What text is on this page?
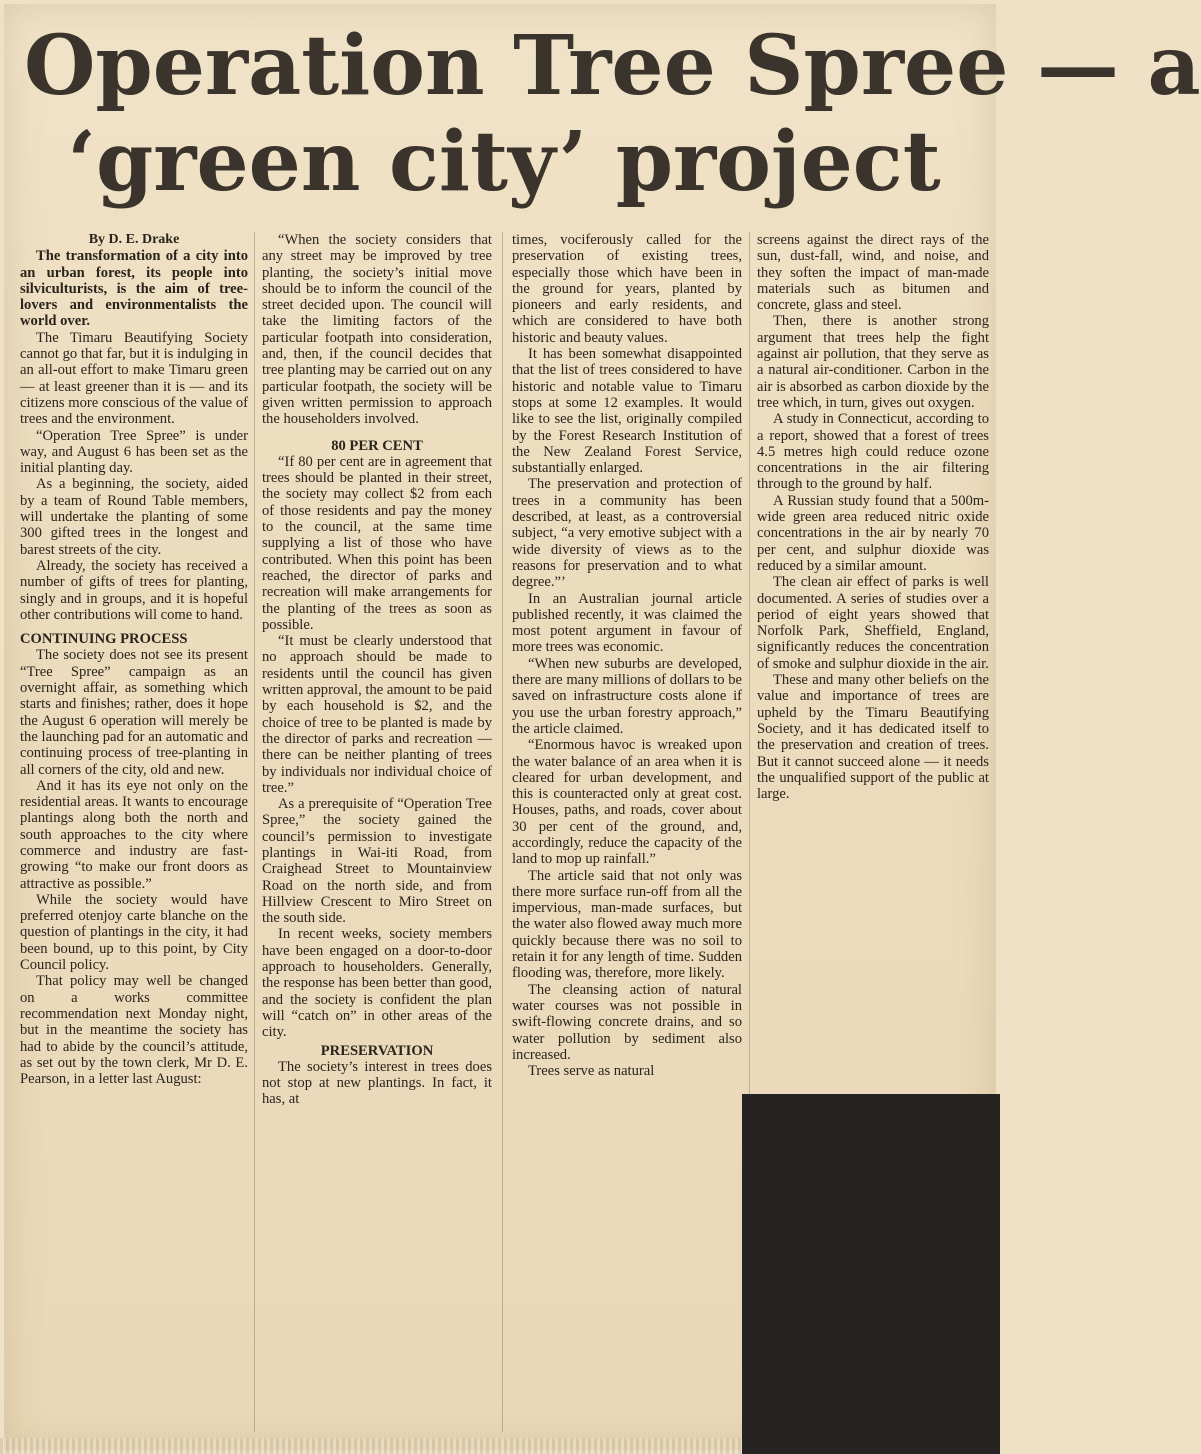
Operation Tree Spree — a
‘green city’ project

By D. E. Drake

The transformation of a city into an urban forest, its people into silviculturists, is the aim of tree-lovers and environmentalists the world over.

The Timaru Beautifying Society cannot go that far, but it is indulging in an all-out effort to make Timaru green — at least greener than it is — and its citizens more conscious of the value of trees and the environment.

“Operation Tree Spree” is under way, and August 6 has been set as the initial planting day.

As a beginning, the society, aided by a team of Round Table members, will undertake the planting of some 300 gifted trees in the longest and barest streets of the city.

Already, the society has received a number of gifts of trees for planting, singly and in groups, and it is hopeful other contributions will come to hand.

CONTINUING PROCESS

The society does not see its present “Tree Spree” campaign as an overnight affair, as something which starts and finishes; rather, does it hope the August 6 operation will merely be the launching pad for an automatic and continuing process of tree-planting in all corners of the city, old and new.

And it has its eye not only on the residential areas. It wants to encourage plantings along both the north and south approaches to the city where commerce and industry are fast-growing “to make our front doors as attractive as possible.”

While the society would have preferred otenjoy carte blanche on the question of plantings in the city, it had been bound, up to this point, by City Council policy.

That policy may well be changed on a works committee recommendation next Monday night, but in the meantime the society has had to abide by the council’s attitude, as set out by the town clerk, Mr D. E. Pearson, in a letter last August:

“When the society considers that any street may be improved by tree planting, the society’s initial move should be to inform the council of the street decided upon. The council will take the limiting factors of the particular footpath into consideration, and, then, if the council decides that tree planting may be carried out on any particular footpath, the society will be given written permission to approach the householders involved.

80 PER CENT

“If 80 per cent are in agreement that trees should be planted in their street, the society may collect $2 from each of those residents and pay the money to the council, at the same time supplying a list of those who have contributed. When this point has been reached, the director of parks and recreation will make arrangements for the planting of the trees as soon as possible.

“It must be clearly understood that no approach should be made to residents until the council has given written approval, the amount to be paid by each household is $2, and the choice of tree to be planted is made by the director of parks and recreation — there can be neither planting of trees by individuals nor individual choice of tree.”

As a prerequisite of “Operation Tree Spree,” the society gained the council’s permission to investigate plantings in Wai-iti Road, from Craighead Street to Mountainview Road on the north side, and from Hillview Crescent to Miro Street on the south side.

In recent weeks, society members have been engaged on a door-to-door approach to householders. Generally, the response has been better than good, and the society is confident the plan will “catch on” in other areas of the city.

PRESERVATION

The society’s interest in trees does not stop at new plantings. In fact, it has, at

times, vociferously called for the preservation of existing trees, especially those which have been in the ground for years, planted by pioneers and early residents, and which are considered to have both historic and beauty values.

It has been somewhat disappointed that the list of trees considered to have historic and notable value to Timaru stops at some 12 examples. It would like to see the list, originally compiled by the Forest Research Institution of the New Zealand Forest Service, substantially enlarged.

The preservation and protection of trees in a community has been described, at least, as a controversial subject, “a very emotive subject with a wide diversity of views as to the reasons for preservation and to what degree.”’

In an Australian journal article published recently, it was claimed the most potent argument in favour of more trees was economic.

“When new suburbs are developed, there are many millions of dollars to be saved on infrastructure costs alone if you use the urban forestry approach,” the article claimed.

“Enormous havoc is wreaked upon the water balance of an area when it is cleared for urban development, and this is counteracted only at great cost. Houses, paths, and roads, cover about 30 per cent of the ground, and, accordingly, reduce the capacity of the land to mop up rainfall.”

The article said that not only was there more surface run-off from all the impervious, man-made surfaces, but the water also flowed away much more quickly because there was no soil to retain it for any length of time. Sudden flooding was, therefore, more likely.

The cleansing action of natural water courses was not possible in swift-flowing concrete drains, and so water pollution by sediment also increased.

Trees serve as natural

screens against the direct rays of the sun, dust-fall, wind, and noise, and they soften the impact of man-made materials such as bitumen and concrete, glass and steel.

Then, there is another strong argument that trees help the fight against air pollution, that they serve as a natural air-conditioner. Carbon in the air is absorbed as carbon dioxide by the tree which, in turn, gives out oxygen.

A study in Connecticut, according to a report, showed that a forest of trees 4.5 metres high could reduce ozone concentrations in the air filtering through to the ground by half.

A Russian study found that a 500m-wide green area reduced nitric oxide concentrations in the air by nearly 70 per cent, and sulphur dioxide was reduced by a similar amount.

The clean air effect of parks is well documented. A series of studies over a period of eight years showed that Norfolk Park, Sheffield, England, significantly reduces the concentration of smoke and sulphur dioxide in the air.

These and many other beliefs on the value and importance of trees are upheld by the Timaru Beautifying Society, and it has dedicated itself to the preservation and creation of trees. But it cannot succeed alone — it needs the unqualified support of the public at large.
